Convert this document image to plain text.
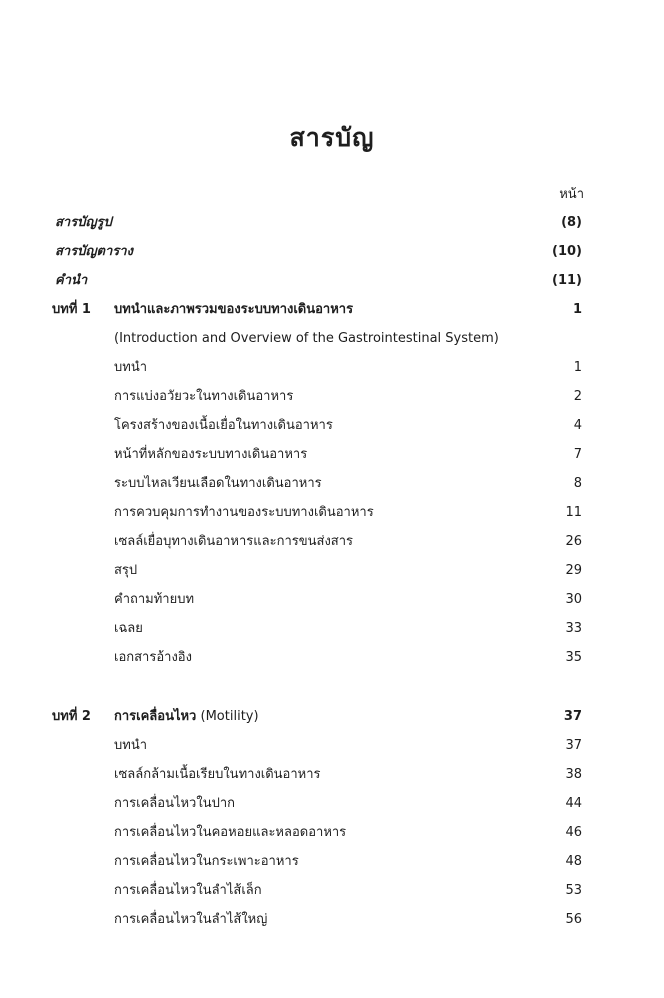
สารบัญ
หน้า
สารบัญรูป	(8)
สารบัญตาราง	(10)
คำนำ	(11)
บทที่ 1 บทนำและภาพรวมของระบบทางเดินอาหาร	1
(Introduction and Overview of the Gastrointestinal System)
บทนำ	1
การแบ่งอวัยวะในทางเดินอาหาร	2
โครงสร้างของเนื้อเยื่อในทางเดินอาหาร	4
หน้าที่หลักของระบบทางเดินอาหาร	7
ระบบไหลเวียนเลือดในทางเดินอาหาร	8
การควบคุมการทำงานของระบบทางเดินอาหาร	11
เซลล์เยื่อบุทางเดินอาหารและการขนส่งสาร	26
สรุป	29
คำถามท้ายบท	30
เฉลย	33
เอกสารอ้างอิง	35
บทที่ 2 การเคลื่อนไหว (Motility)	37
บทนำ	37
เซลล์กล้ามเนื้อเรียบในทางเดินอาหาร	38
การเคลื่อนไหวในปาก	44
การเคลื่อนไหวในคอหอยและหลอดอาหาร	46
การเคลื่อนไหวในกระเพาะอาหาร	48
การเคลื่อนไหวในลำไส้เล็ก	53
การเคลื่อนไหวในลำไส้ใหญ่	56
